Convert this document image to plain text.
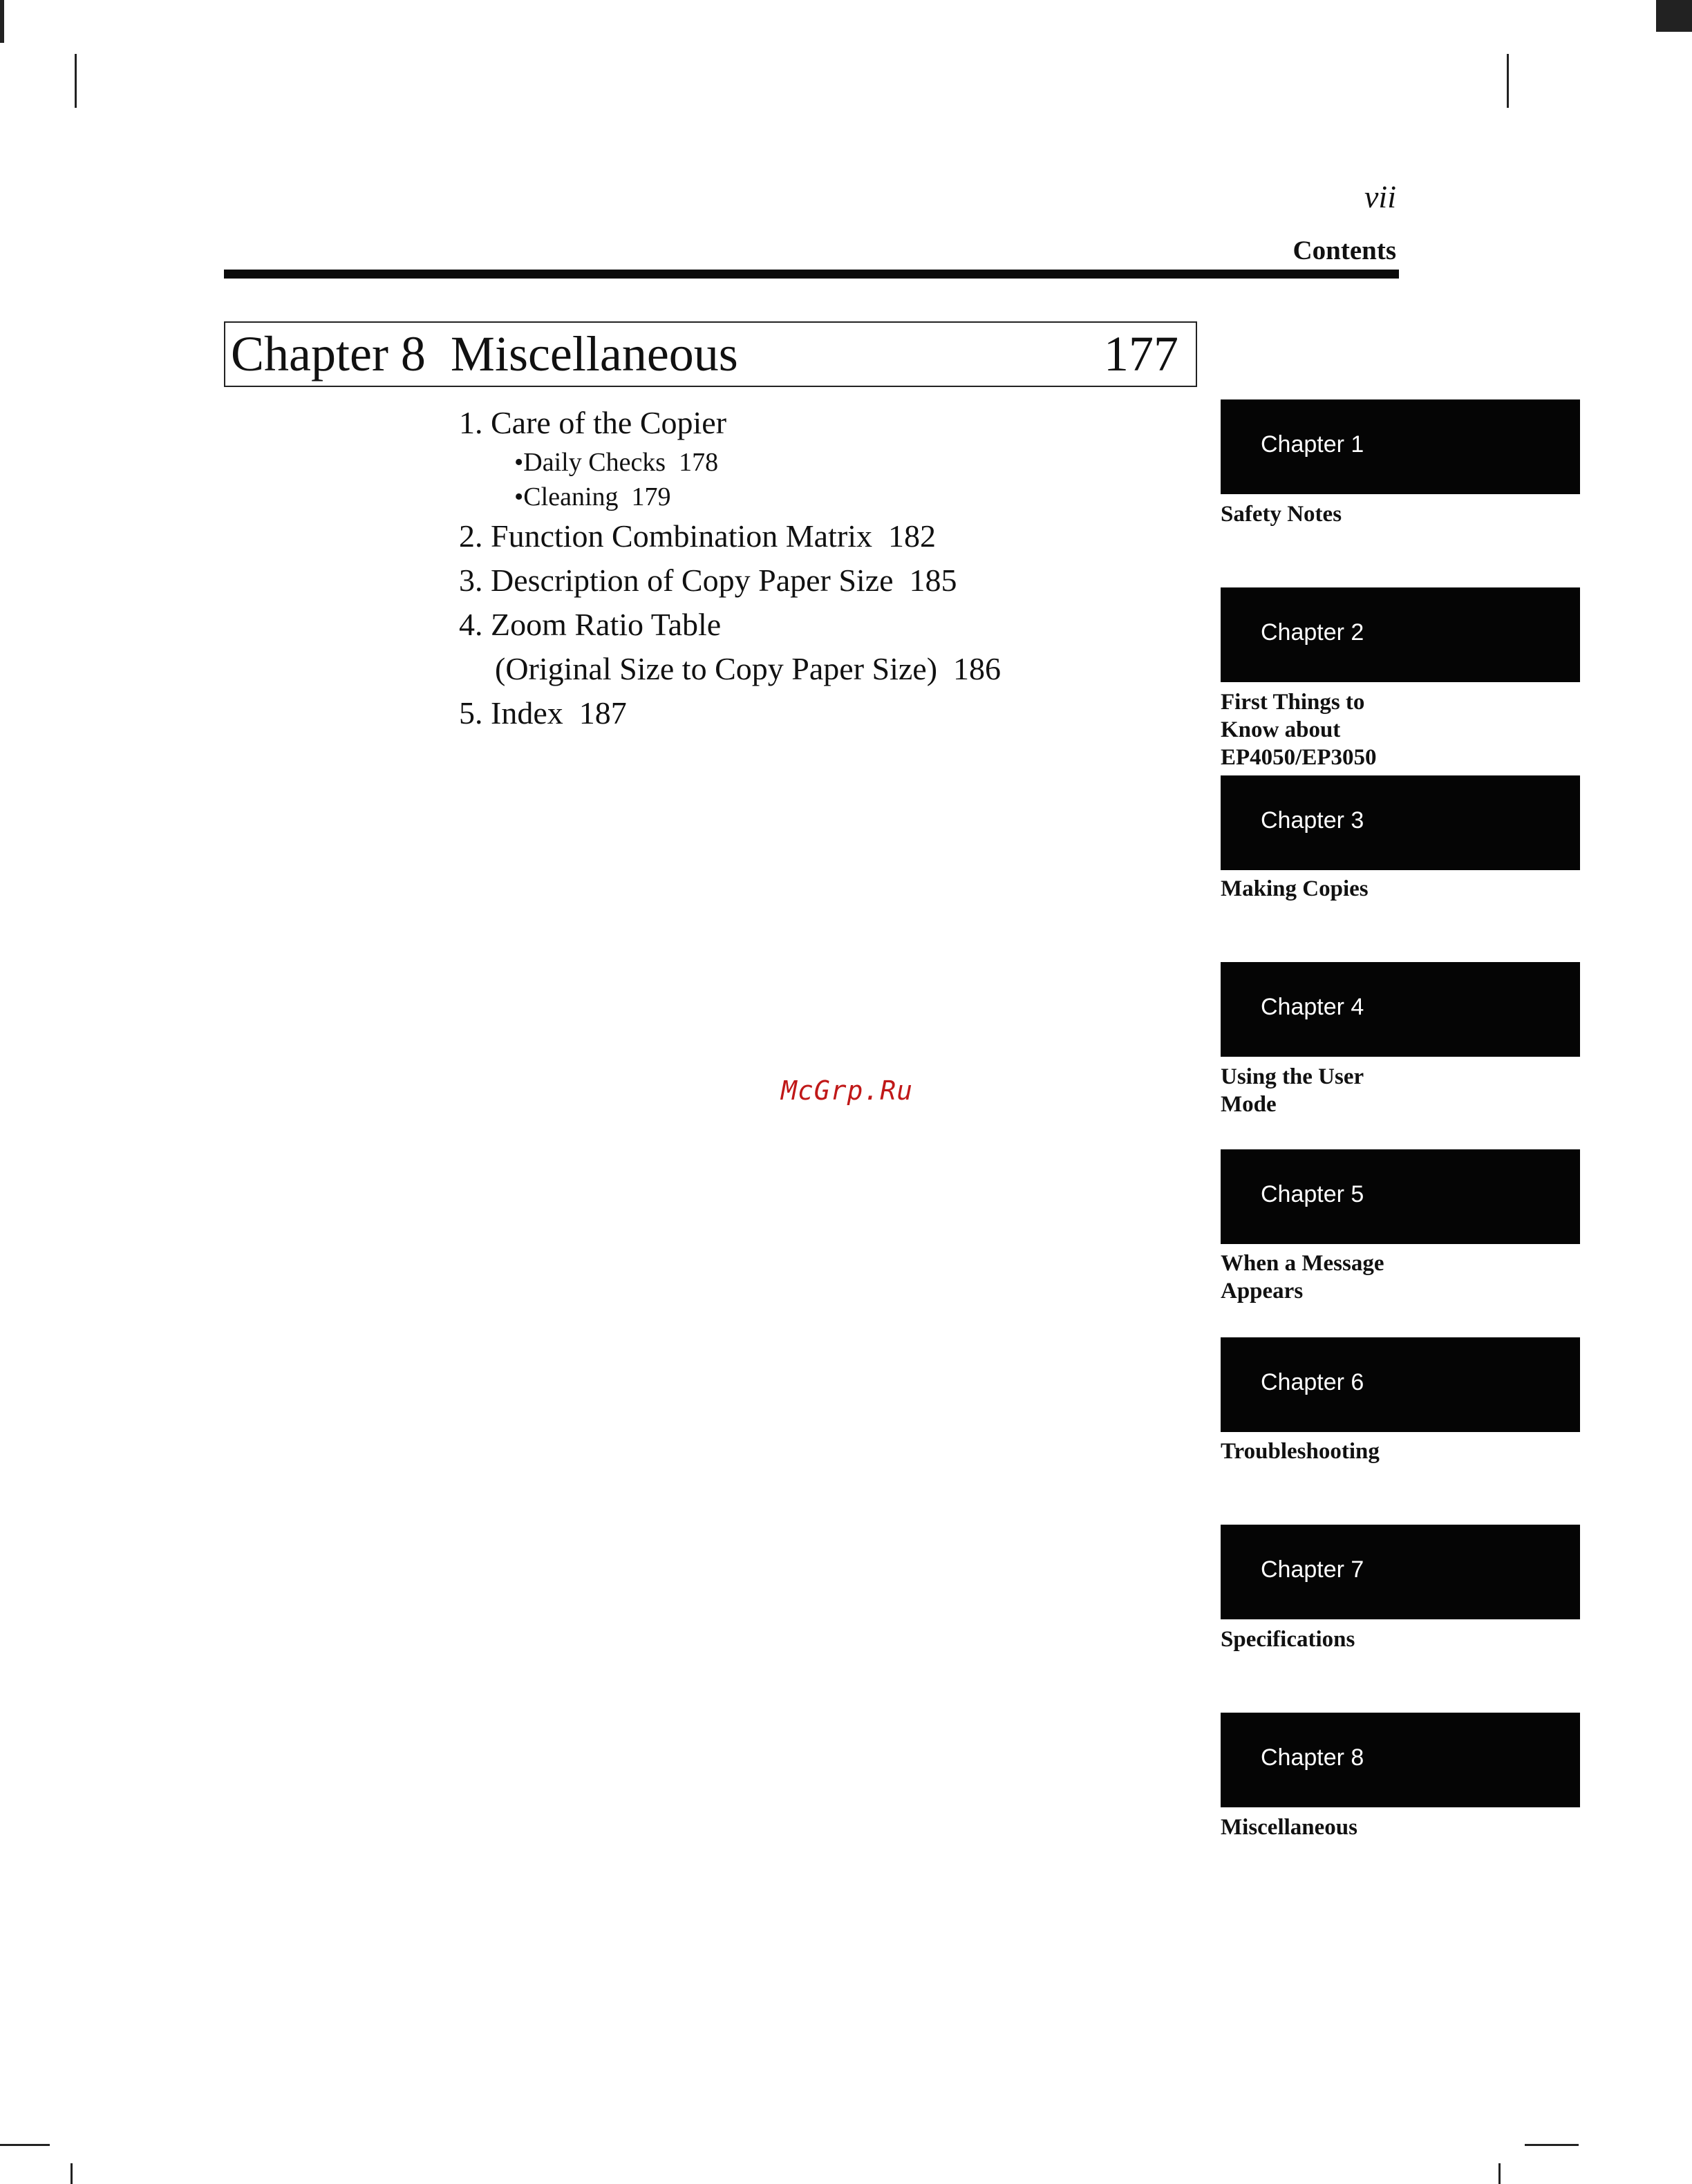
vii
Contents
Chapter 8  Miscellaneous	177
1. Care of the Copier
•Daily Checks  178
•Cleaning  179
2. Function Combination Matrix  182
3. Description of Copy Paper Size  185
4. Zoom Ratio Table
(Original Size to Copy Paper Size)  186
5. Index  187
McGrp.Ru
Chapter 1
Safety Notes
Chapter 2
First Things to
Know about
EP4050/EP3050
Chapter 3
Making Copies
Chapter 4
Using the User
Mode
Chapter 5
When a Message
Appears
Chapter 6
Troubleshooting
Chapter 7
Specifications
Chapter 8
Miscellaneous
